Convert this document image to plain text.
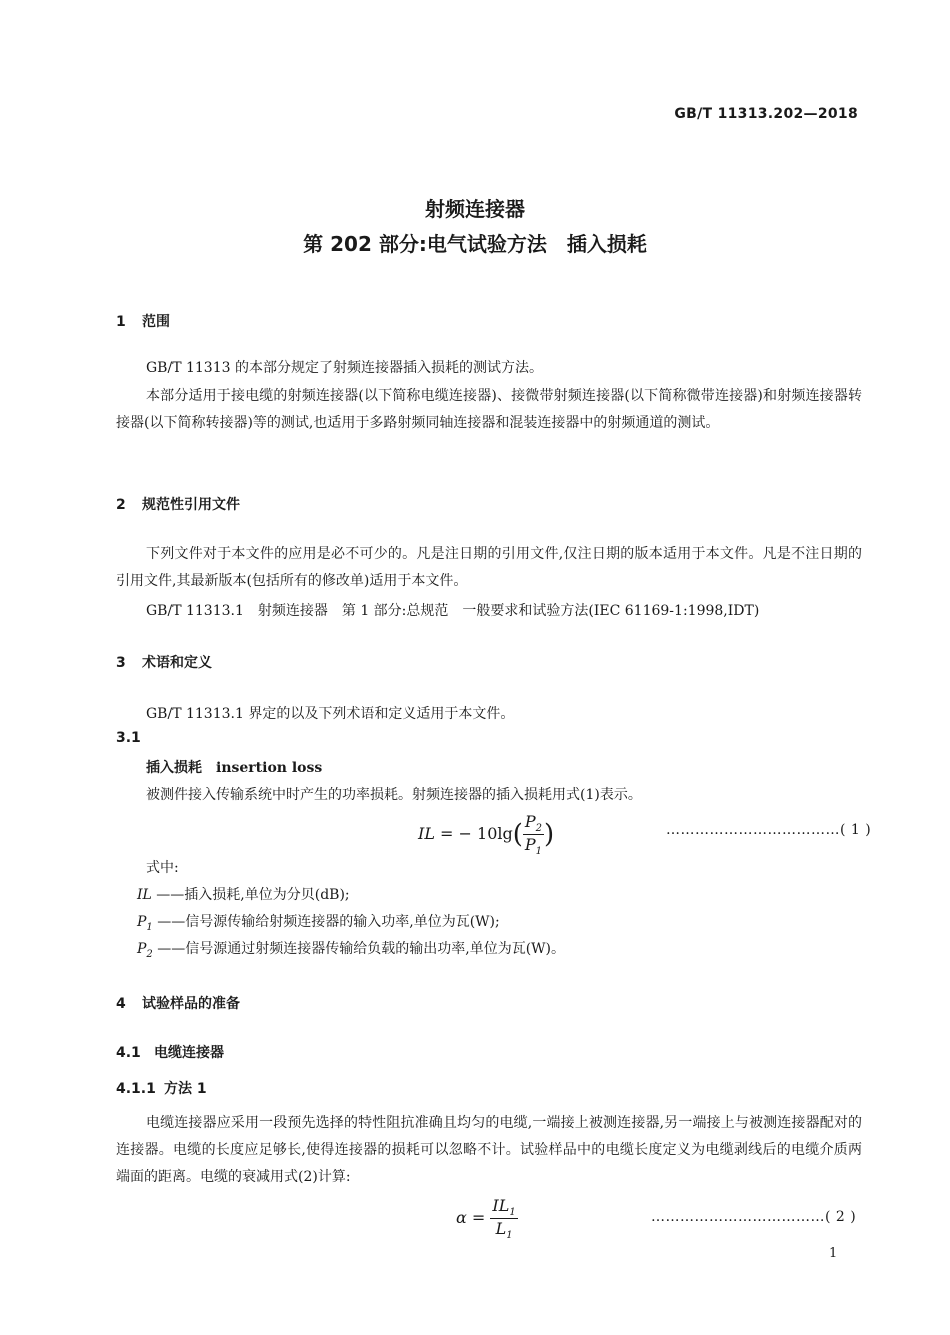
GB/T 11313.202—2018
射频连接器
第 202 部分:电气试验方法　插入损耗
1 范围
GB/T 11313 的本部分规定了射频连接器插入损耗的测试方法。
本部分适用于接电缆的射频连接器(以下简称电缆连接器)、接微带射频连接器(以下简称微带连接器)和射频连接器转接器(以下简称转接器)等的测试,也适用于多路射频同轴连接器和混装连接器中的射频通道的测试。
2 规范性引用文件
下列文件对于本文件的应用是必不可少的。凡是注日期的引用文件,仅注日期的版本适用于本文件。凡是不注日期的引用文件,其最新版本(包括所有的修改单)适用于本文件。
GB/T 11313.1　射频连接器　第 1 部分:总规范　一般要求和试验方法(IEC 61169-1:1998,IDT)
3 术语和定义
GB/T 11313.1 界定的以及下列术语和定义适用于本文件。
3.1
插入损耗　insertion loss
被测件接入传输系统中时产生的功率损耗。射频连接器的插入损耗用式(1)表示。
IL = − $10\lg( \frac{P_2}{P_1}$ )	………………………………( 1 )
式中:
IL ——插入损耗,单位为分贝(dB);
$P_1$ ——信号源传输给射频连接器的输入功率,单位为瓦(W);
$P_2$ ——信号源通过射频连接器传输给负载的输出功率,单位为瓦(W)。
4 试验样品的准备
4.1 电缆连接器
4.1.1 方法 1
电缆连接器应采用一段预先选择的特性阻抗准确且均匀的电缆,一端接上被测连接器,另一端接上与被测连接器配对的连接器。电缆的长度应足够长,使得连接器的损耗可以忽略不计。试验样品中的电缆长度定义为电缆剥线后的电缆介质两端面的距离。电缆的衰减用式(2)计算:
$\alpha = \frac{IL_1}{L_1}$	………………………………( 2 )
1
